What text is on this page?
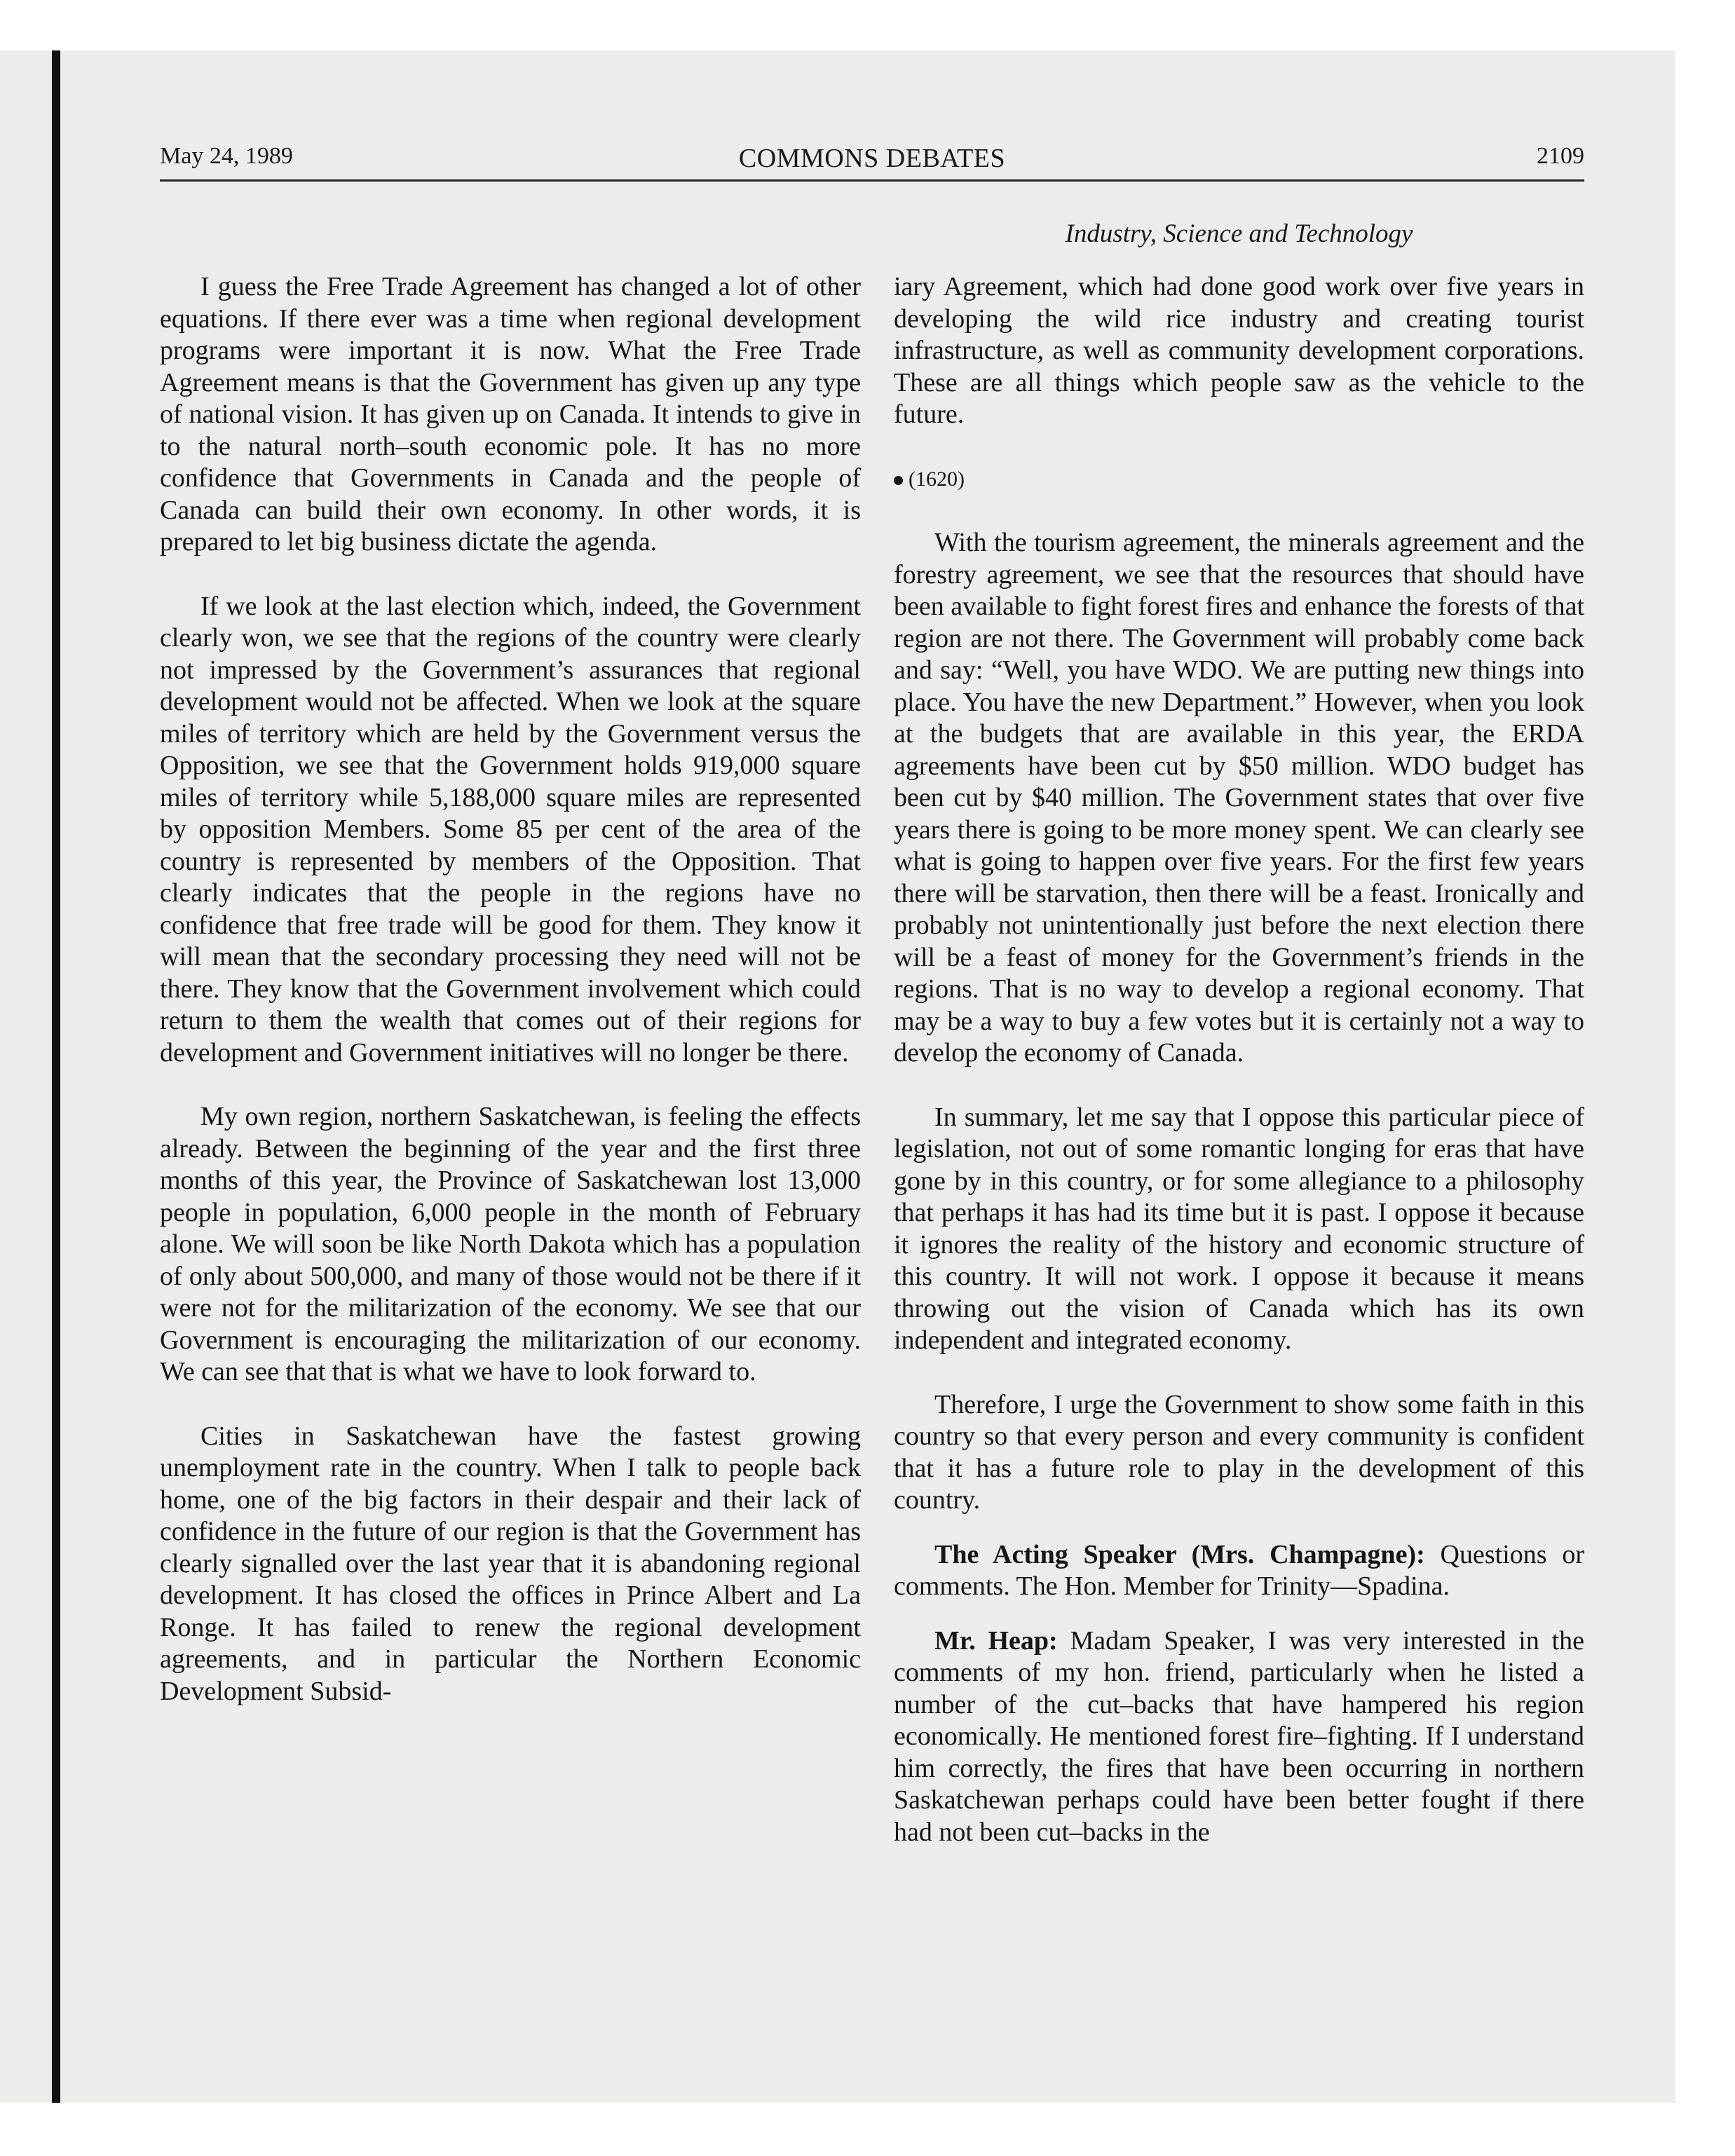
May 24, 1989	COMMONS DEBATES	2109
Industry, Science and Technology

I guess the Free Trade Agreement has changed a lot of other equations. If there ever was a time when regional development programs were important it is now. What the Free Trade Agreement means is that the Government has given up any type of national vision. It has given up on Canada. It intends to give in to the natural north–south economic pole. It has no more confidence that Governments in Canada and the people of Canada can build their own economy. In other words, it is prepared to let big business dictate the agenda.

If we look at the last election which, indeed, the Government clearly won, we see that the regions of the country were clearly not impressed by the Government’s assurances that regional development would not be affected. When we look at the square miles of territory which are held by the Government versus the Opposition, we see that the Government holds 919,000 square miles of territory while 5,188,000 square miles are represented by opposition Members. Some 85 per cent of the area of the country is represented by members of the Opposition. That clearly indicates that the people in the regions have no confidence that free trade will be good for them. They know it will mean that the secondary processing they need will not be there. They know that the Government involvement which could return to them the wealth that comes out of their regions for development and Government initiatives will no longer be there.

My own region, northern Saskatchewan, is feeling the effects already. Between the beginning of the year and the first three months of this year, the Province of Saskatchewan lost 13,000 people in population, 6,000 people in the month of February alone. We will soon be like North Dakota which has a population of only about 500,000, and many of those would not be there if it were not for the militarization of the economy. We see that our Government is encouraging the militarization of our economy. We can see that that is what we have to look forward to.

Cities in Saskatchewan have the fastest growing unemployment rate in the country. When I talk to people back home, one of the big factors in their despair and their lack of confidence in the future of our region is that the Government has clearly signalled over the last year that it is abandoning regional development. It has closed the offices in Prince Albert and La Ronge. It has failed to renew the regional development agreements, and in particular the Northern Economic Development Subsid-

iary Agreement, which had done good work over five years in developing the wild rice industry and creating tourist infrastructure, as well as community development corporations. These are all things which people saw as the vehicle to the future.

(1620)

With the tourism agreement, the minerals agreement and the forestry agreement, we see that the resources that should have been available to fight forest fires and enhance the forests of that region are not there. The Government will probably come back and say: “Well, you have WDO. We are putting new things into place. You have the new Department.” However, when you look at the budgets that are available in this year, the ERDA agreements have been cut by $50 million. WDO budget has been cut by $40 million. The Government states that over five years there is going to be more money spent. We can clearly see what is going to happen over five years. For the first few years there will be starvation, then there will be a feast. Ironically and probably not unintentionally just before the next election there will be a feast of money for the Government’s friends in the regions. That is no way to develop a regional economy. That may be a way to buy a few votes but it is certainly not a way to develop the economy of Canada.

In summary, let me say that I oppose this particular piece of legislation, not out of some romantic longing for eras that have gone by in this country, or for some allegiance to a philosophy that perhaps it has had its time but it is past. I oppose it because it ignores the reality of the history and economic structure of this country. It will not work. I oppose it because it means throwing out the vision of Canada which has its own independent and integrated economy.

Therefore, I urge the Government to show some faith in this country so that every person and every community is confident that it has a future role to play in the development of this country.

The Acting Speaker (Mrs. Champagne): Questions or comments. The Hon. Member for Trinity—Spadina.

Mr. Heap: Madam Speaker, I was very interested in the comments of my hon. friend, particularly when he listed a number of the cut–backs that have hampered his region economically. He mentioned forest fire–fighting. If I understand him correctly, the fires that have been occurring in northern Saskatchewan perhaps could have been better fought if there had not been cut–backs in the
